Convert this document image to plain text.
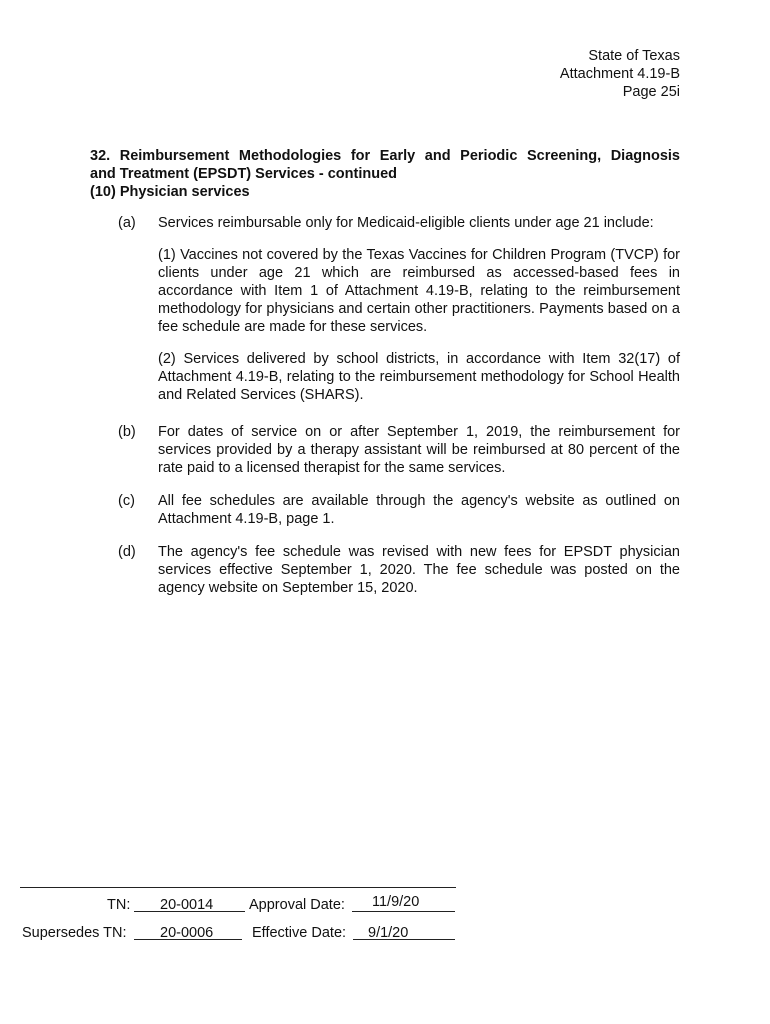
State of Texas
Attachment 4.19-B
Page 25i
32. Reimbursement Methodologies for Early and Periodic Screening, Diagnosis
and Treatment (EPSDT) Services - continued
(10) Physician services
(a) Services reimbursable only for Medicaid-eligible clients under age 21 include:

(1) Vaccines not covered by the Texas Vaccines for Children Program (TVCP) for clients under age 21 which are reimbursed as accessed-based fees in accordance with Item 1 of Attachment 4.19-B, relating to the reimbursement methodology for physicians and certain other practitioners. Payments based on a fee schedule are made for these services.

(2) Services delivered by school districts, in accordance with Item 32(17) of Attachment 4.19-B, relating to the reimbursement methodology for School Health and Related Services (SHARS).

(b) For dates of service on or after September 1, 2019, the reimbursement for services provided by a therapy assistant will be reimbursed at 80 percent of the rate paid to a licensed therapist for the same services.

(c) All fee schedules are available through the agency's website as outlined on Attachment 4.19-B, page 1.

(d) The agency's fee schedule was revised with new fees for EPSDT physician services effective September 1, 2020. The fee schedule was posted on the agency website on September 15, 2020.

TN:	20-0014	Approval Date:	11/9/20
Supersedes TN:	20-0006	Effective Date:	9/1/20
